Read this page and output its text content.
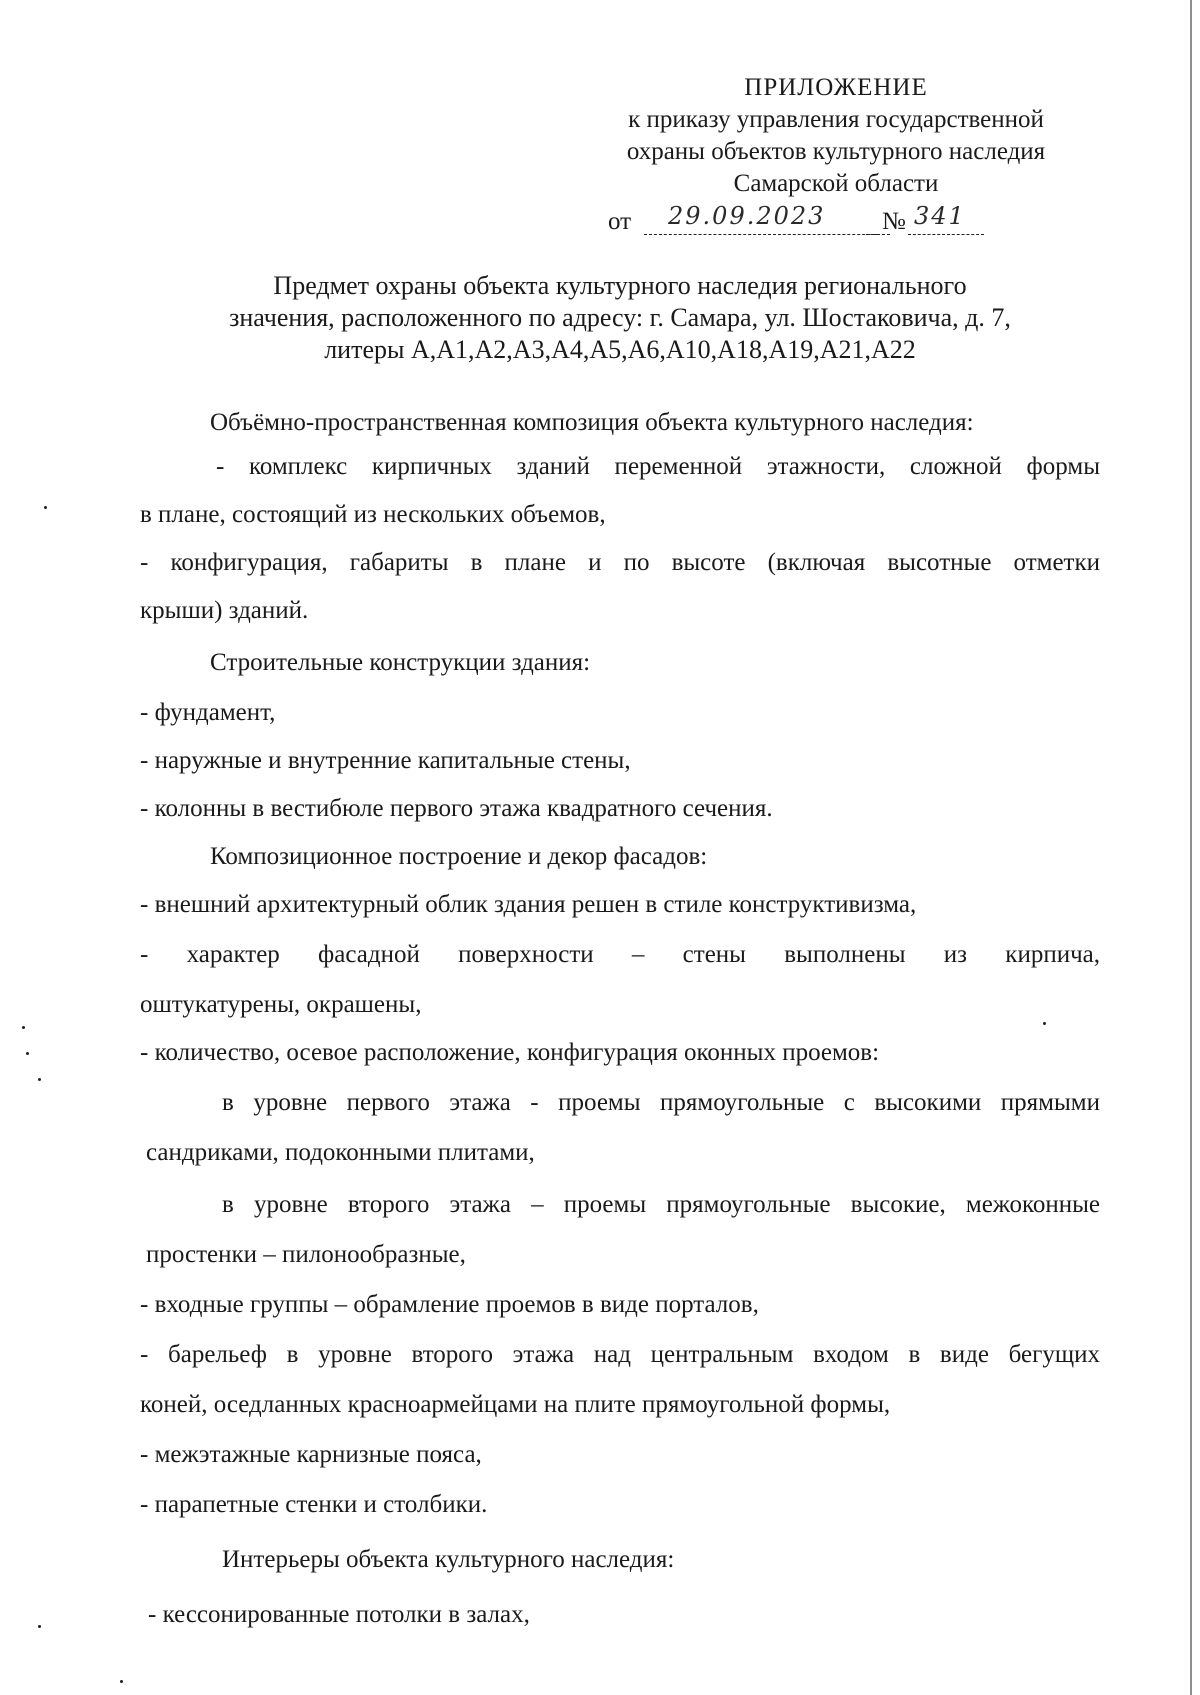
ПРИЛОЖЕНИЕ
к приказу управления государственной
охраны объектов культурного наследия
Самарской области
от	29.09.2023	№ 341
Предмет охраны объекта культурного наследия регионального
значения, расположенного по адресу: г. Самара, ул. Шостаковича, д. 7,
литеры А,А1,А2,А3,А4,А5,А6,А10,А18,А19,А21,А22
Объёмно-пространственная композиция объекта культурного наследия:
- комплекс кирпичных зданий переменной этажности, сложной формы
в плане, состоящий из нескольких объемов,
- конфигурация, габариты в плане и по высоте (включая высотные отметки
крыши) зданий.
Строительные конструкции здания:
- фундамент,
- наружные и внутренние капитальные стены,
- колонны в вестибюле первого этажа квадратного сечения.
Композиционное построение и декор фасадов:
- внешний архитектурный облик здания решен в стиле конструктивизма,
- характер фасадной поверхности – стены выполнены из кирпича,
оштукатурены, окрашены,
- количество, осевое расположение, конфигурация оконных проемов:
в уровне первого этажа - проемы прямоугольные с высокими прямыми
сандриками, подоконными плитами,
в уровне второго этажа – проемы прямоугольные высокие, межоконные
простенки – пилонообразные,
- входные группы – обрамление проемов в виде порталов,
- барельеф в уровне второго этажа над центральным входом в виде бегущих
коней, оседланных красноармейцами на плите прямоугольной формы,
- межэтажные карнизные пояса,
- парапетные стенки и столбики.
Интерьеры объекта культурного наследия:
- кессонированные потолки в залах,
